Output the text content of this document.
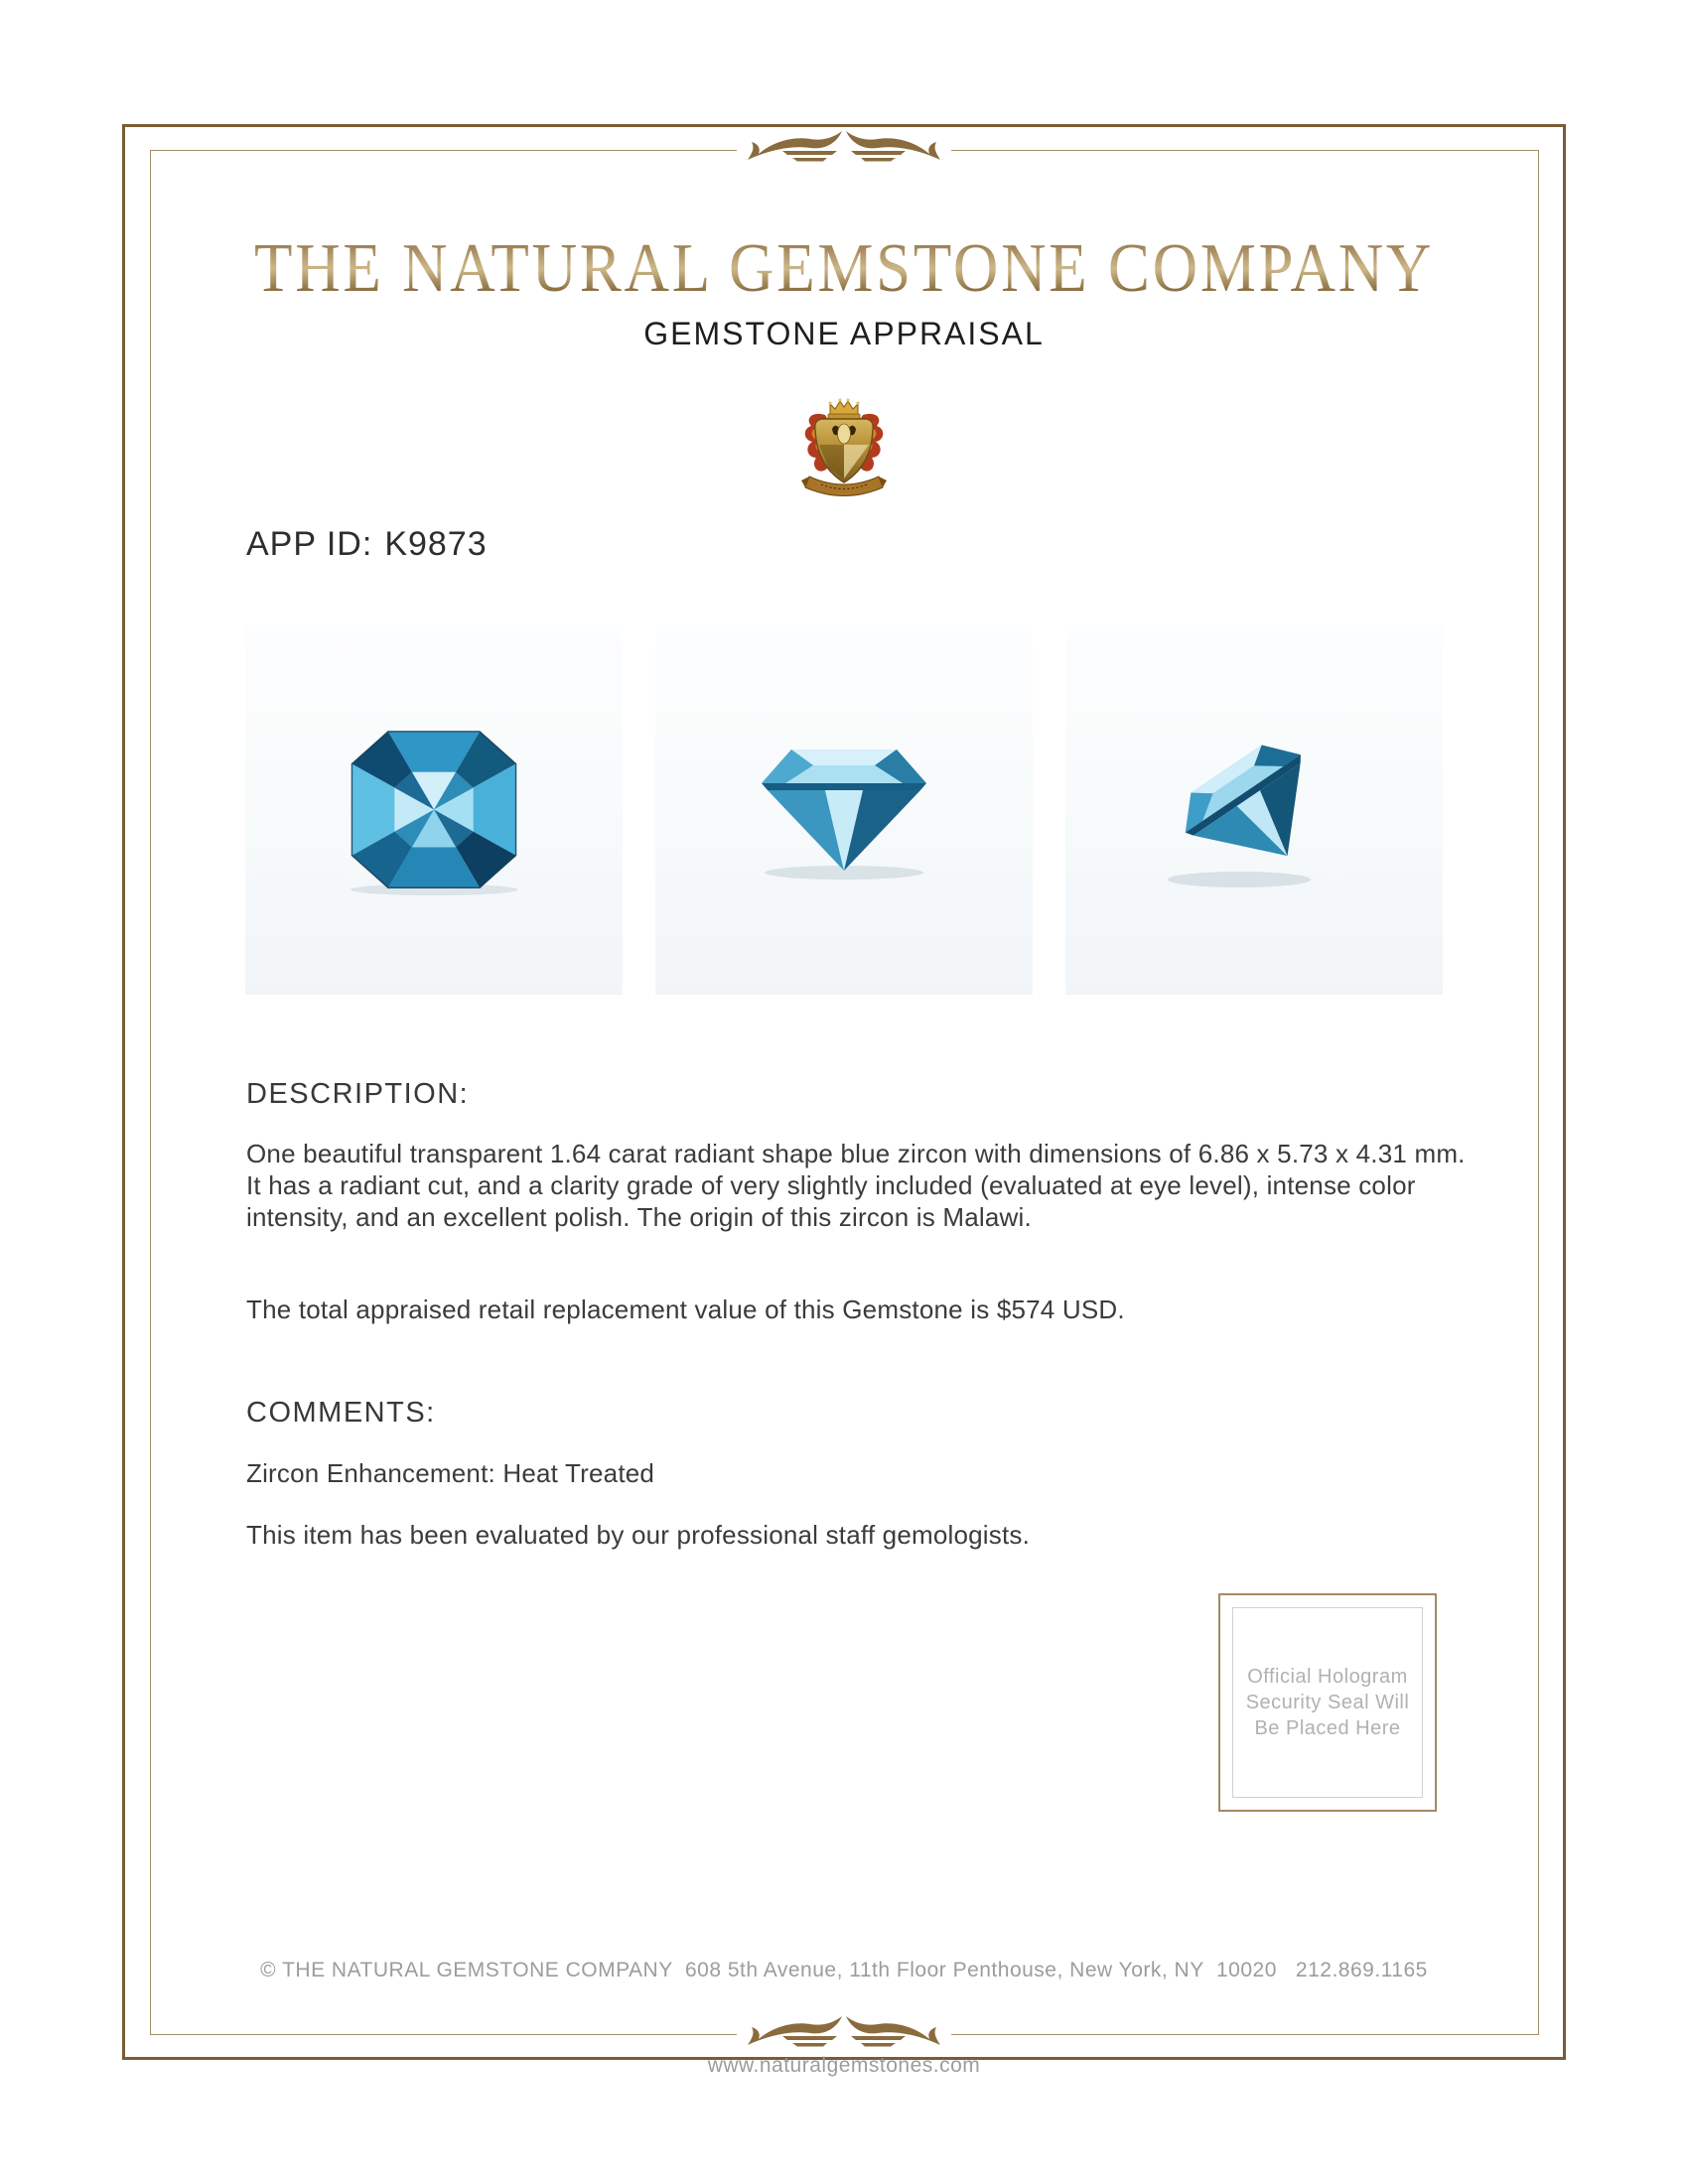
THE NATURAL GEMSTONE COMPANY
GEMSTONE APPRAISAL
APP ID: K9873
DESCRIPTION:
One beautiful transparent 1.64 carat radiant shape blue zircon with dimensions of 6.86 x 5.73 x 4.31 mm. It has a radiant cut, and a clarity grade of very slightly included (evaluated at eye level), intense color intensity, and an excellent polish. The origin of this zircon is Malawi.
The total appraised retail replacement value of this Gemstone is $574 USD.
COMMENTS:
Zircon Enhancement: Heat Treated
This item has been evaluated by our professional staff gemologists.
Official Hologram
Security Seal Will
Be Placed Here

© THE NATURAL GEMSTONE COMPANY  608 5th Avenue, 11th Floor Penthouse, New York, NY  10020   212.869.1165

www.naturalgemstones.com
